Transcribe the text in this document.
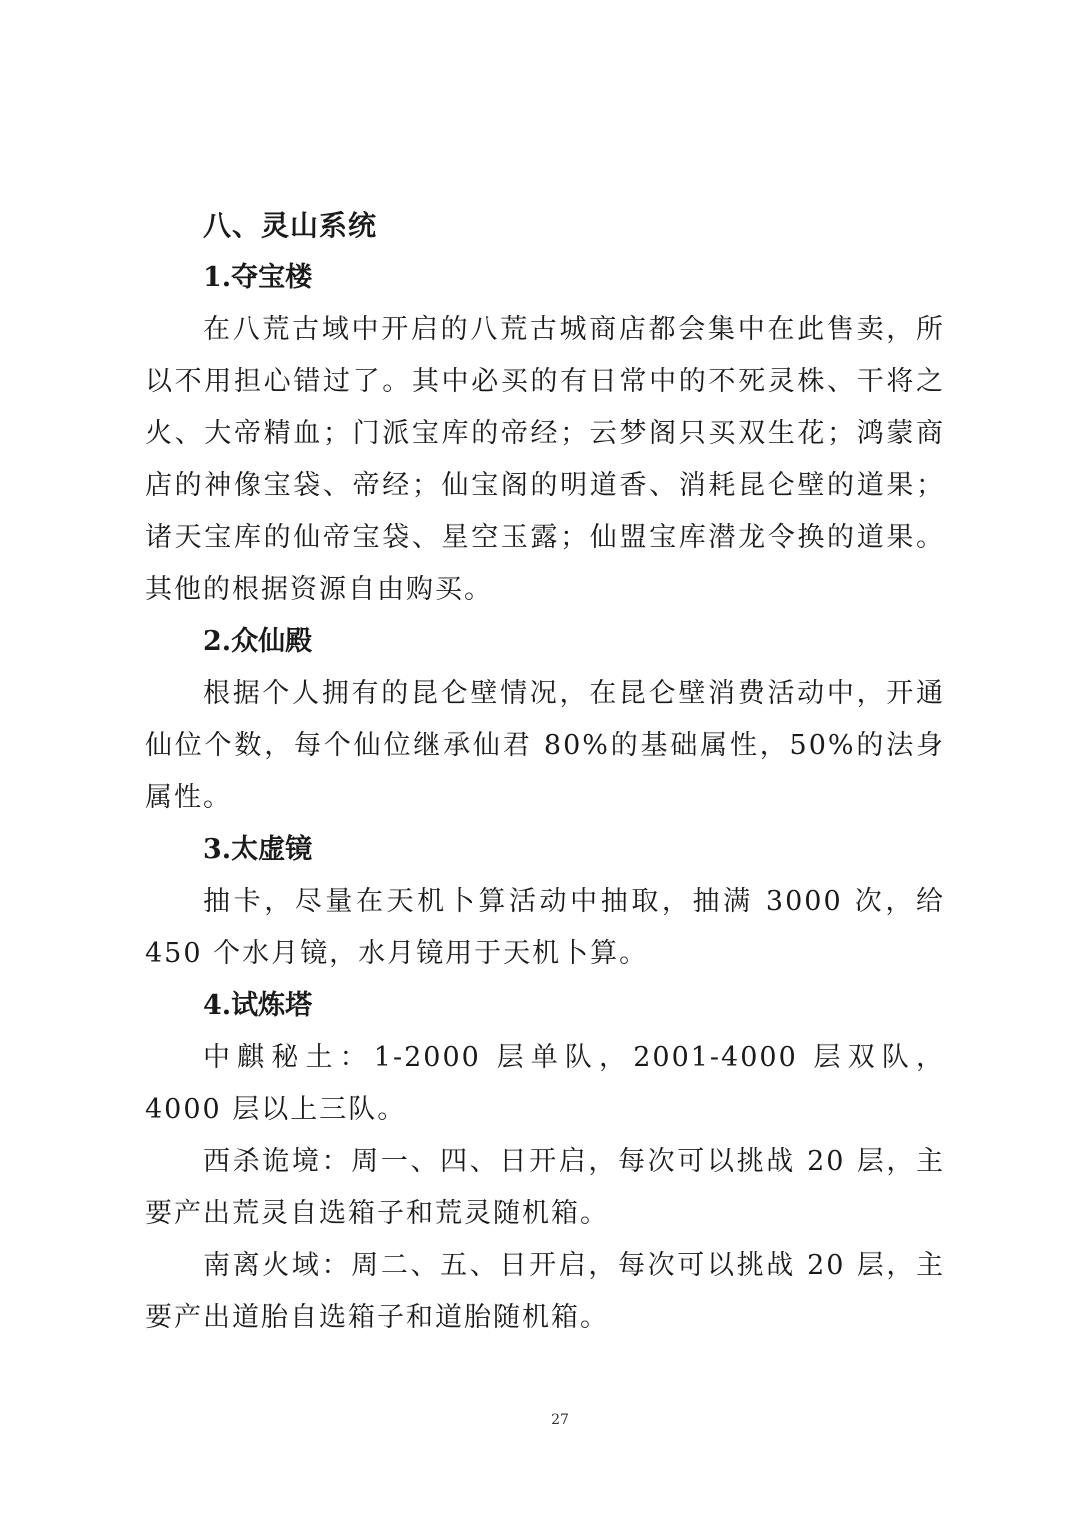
八、灵山系统
1.夺宝楼

在八荒古域中开启的八荒古城商店都会集中在此售卖，所以不用担心错过了。其中必买的有日常中的不死灵株、干将之火、大帝精血；门派宝库的帝经；云梦阁只买双生花；鸿蒙商店的神像宝袋、帝经；仙宝阁的明道香、消耗昆仑壁的道果；诸天宝库的仙帝宝袋、星空玉露；仙盟宝库潜龙令换的道果。其他的根据资源自由购买。

2.众仙殿

根据个人拥有的昆仑壁情况，在昆仑壁消费活动中，开通仙位个数，每个仙位继承仙君 80%的基础属性，50%的法身属性。

3.太虚镜

抽卡，尽量在天机卜算活动中抽取，抽满 3000 次，给 450 个水月镜，水月镜用于天机卜算。

4.试炼塔

中麒秘土：1-2000 层单队，2001-4000 层双队，4000 层以上三队。

西杀诡境：周一、四、日开启，每次可以挑战 20 层，主要产出荒灵自选箱子和荒灵随机箱。

南离火域：周二、五、日开启，每次可以挑战 20 层，主要产出道胎自选箱子和道胎随机箱。

27
